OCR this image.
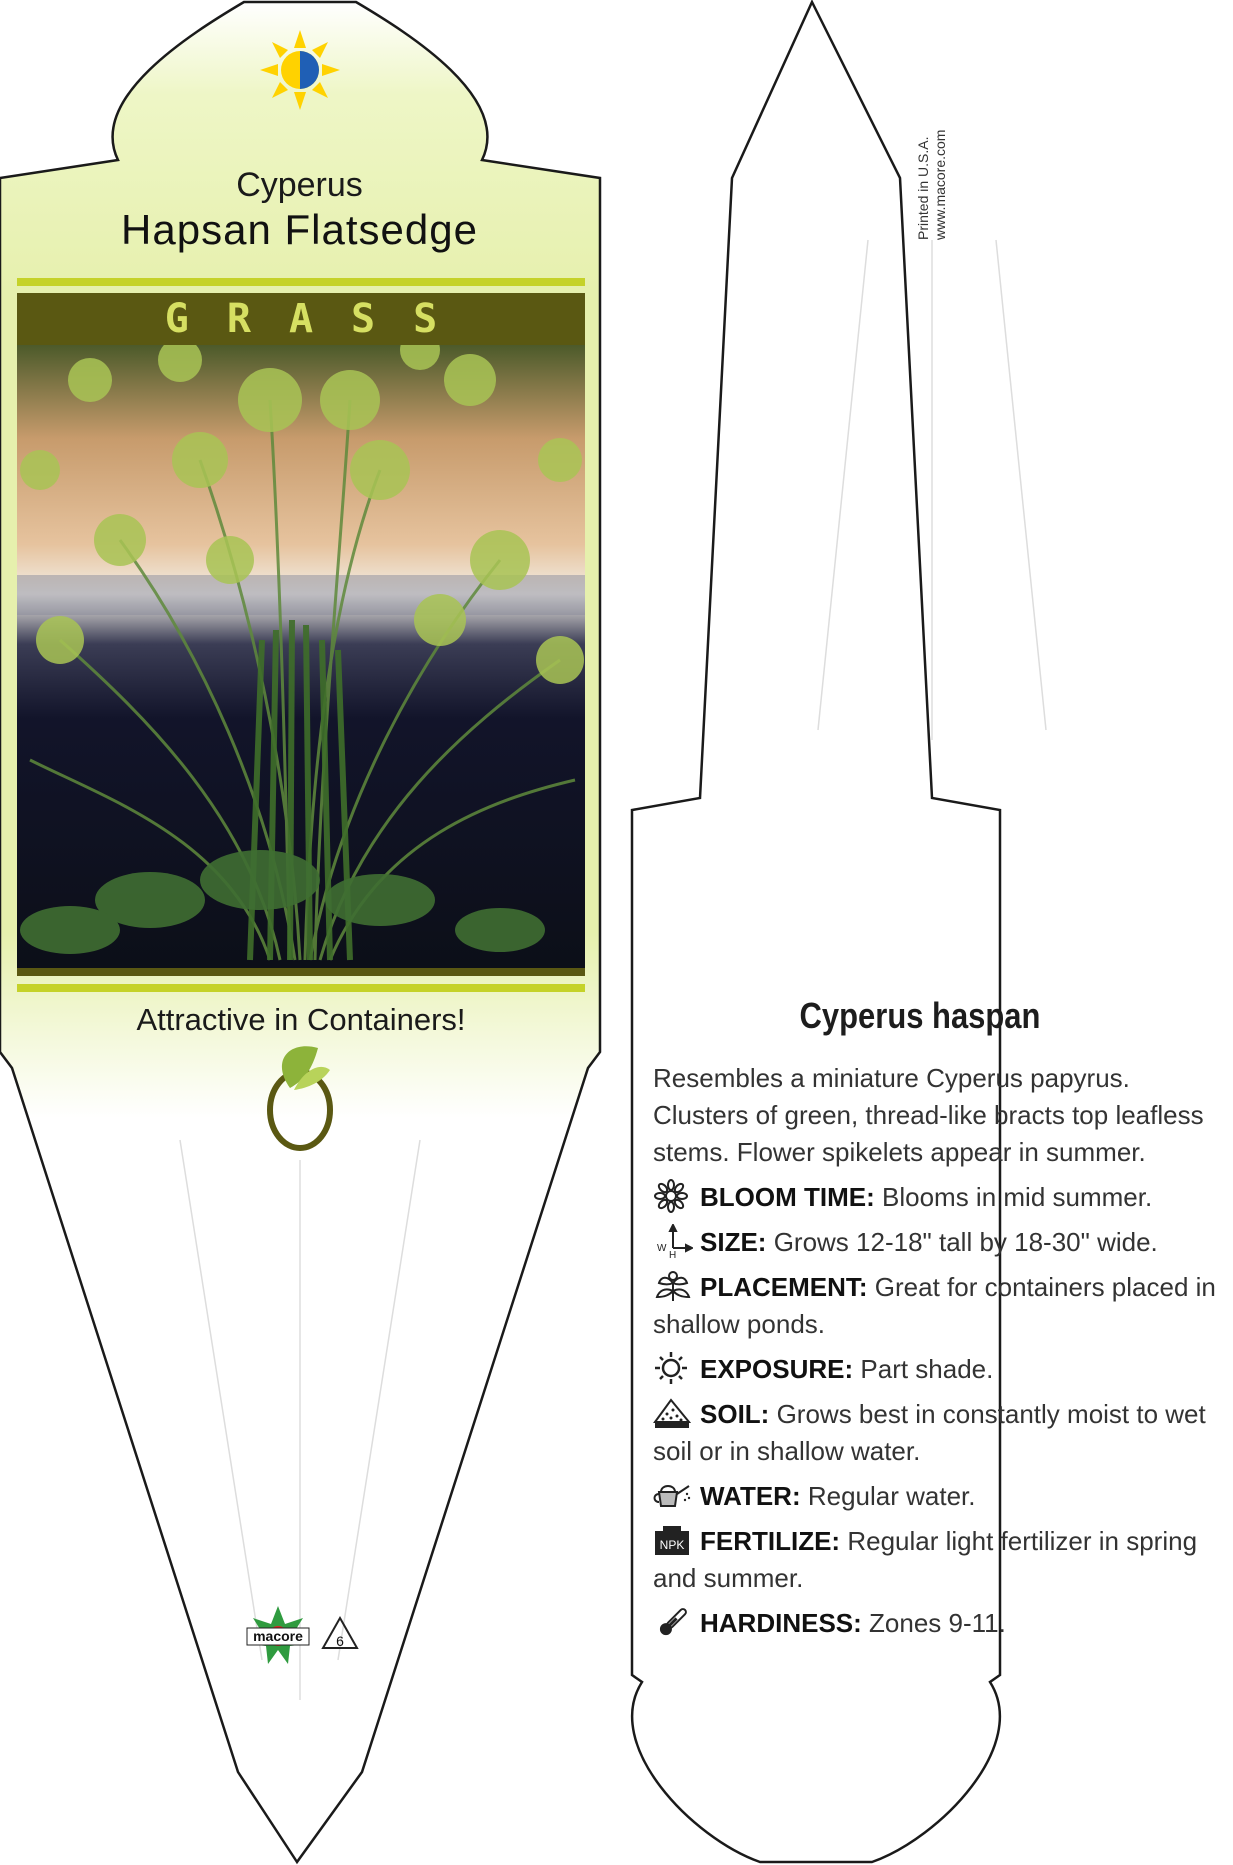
macore 6
Cyperus
Hapsan Flatsedge
GRASS
Attractive in Containers!
Printed in U.S.A. www.macore.com
Cyperus haspan

Resembles a miniature Cyperus papyrus. Clusters of green, thread-like bracts top leafless stems. Flower spikelets appear in summer.

BLOOM TIME: Blooms in mid summer.
W
H SIZE: Grows 12-18" tall by 18-30" wide.
PLACEMENT: Great for containers placed in shallow ponds.
EXPOSURE: Part shade.
SOIL: Grows best in constantly moist to wet soil or in shallow water.
WATER: Regular water.
NPK FERTILIZE: Regular light fertilizer in spring and summer.
HARDINESS: Zones 9-11.
